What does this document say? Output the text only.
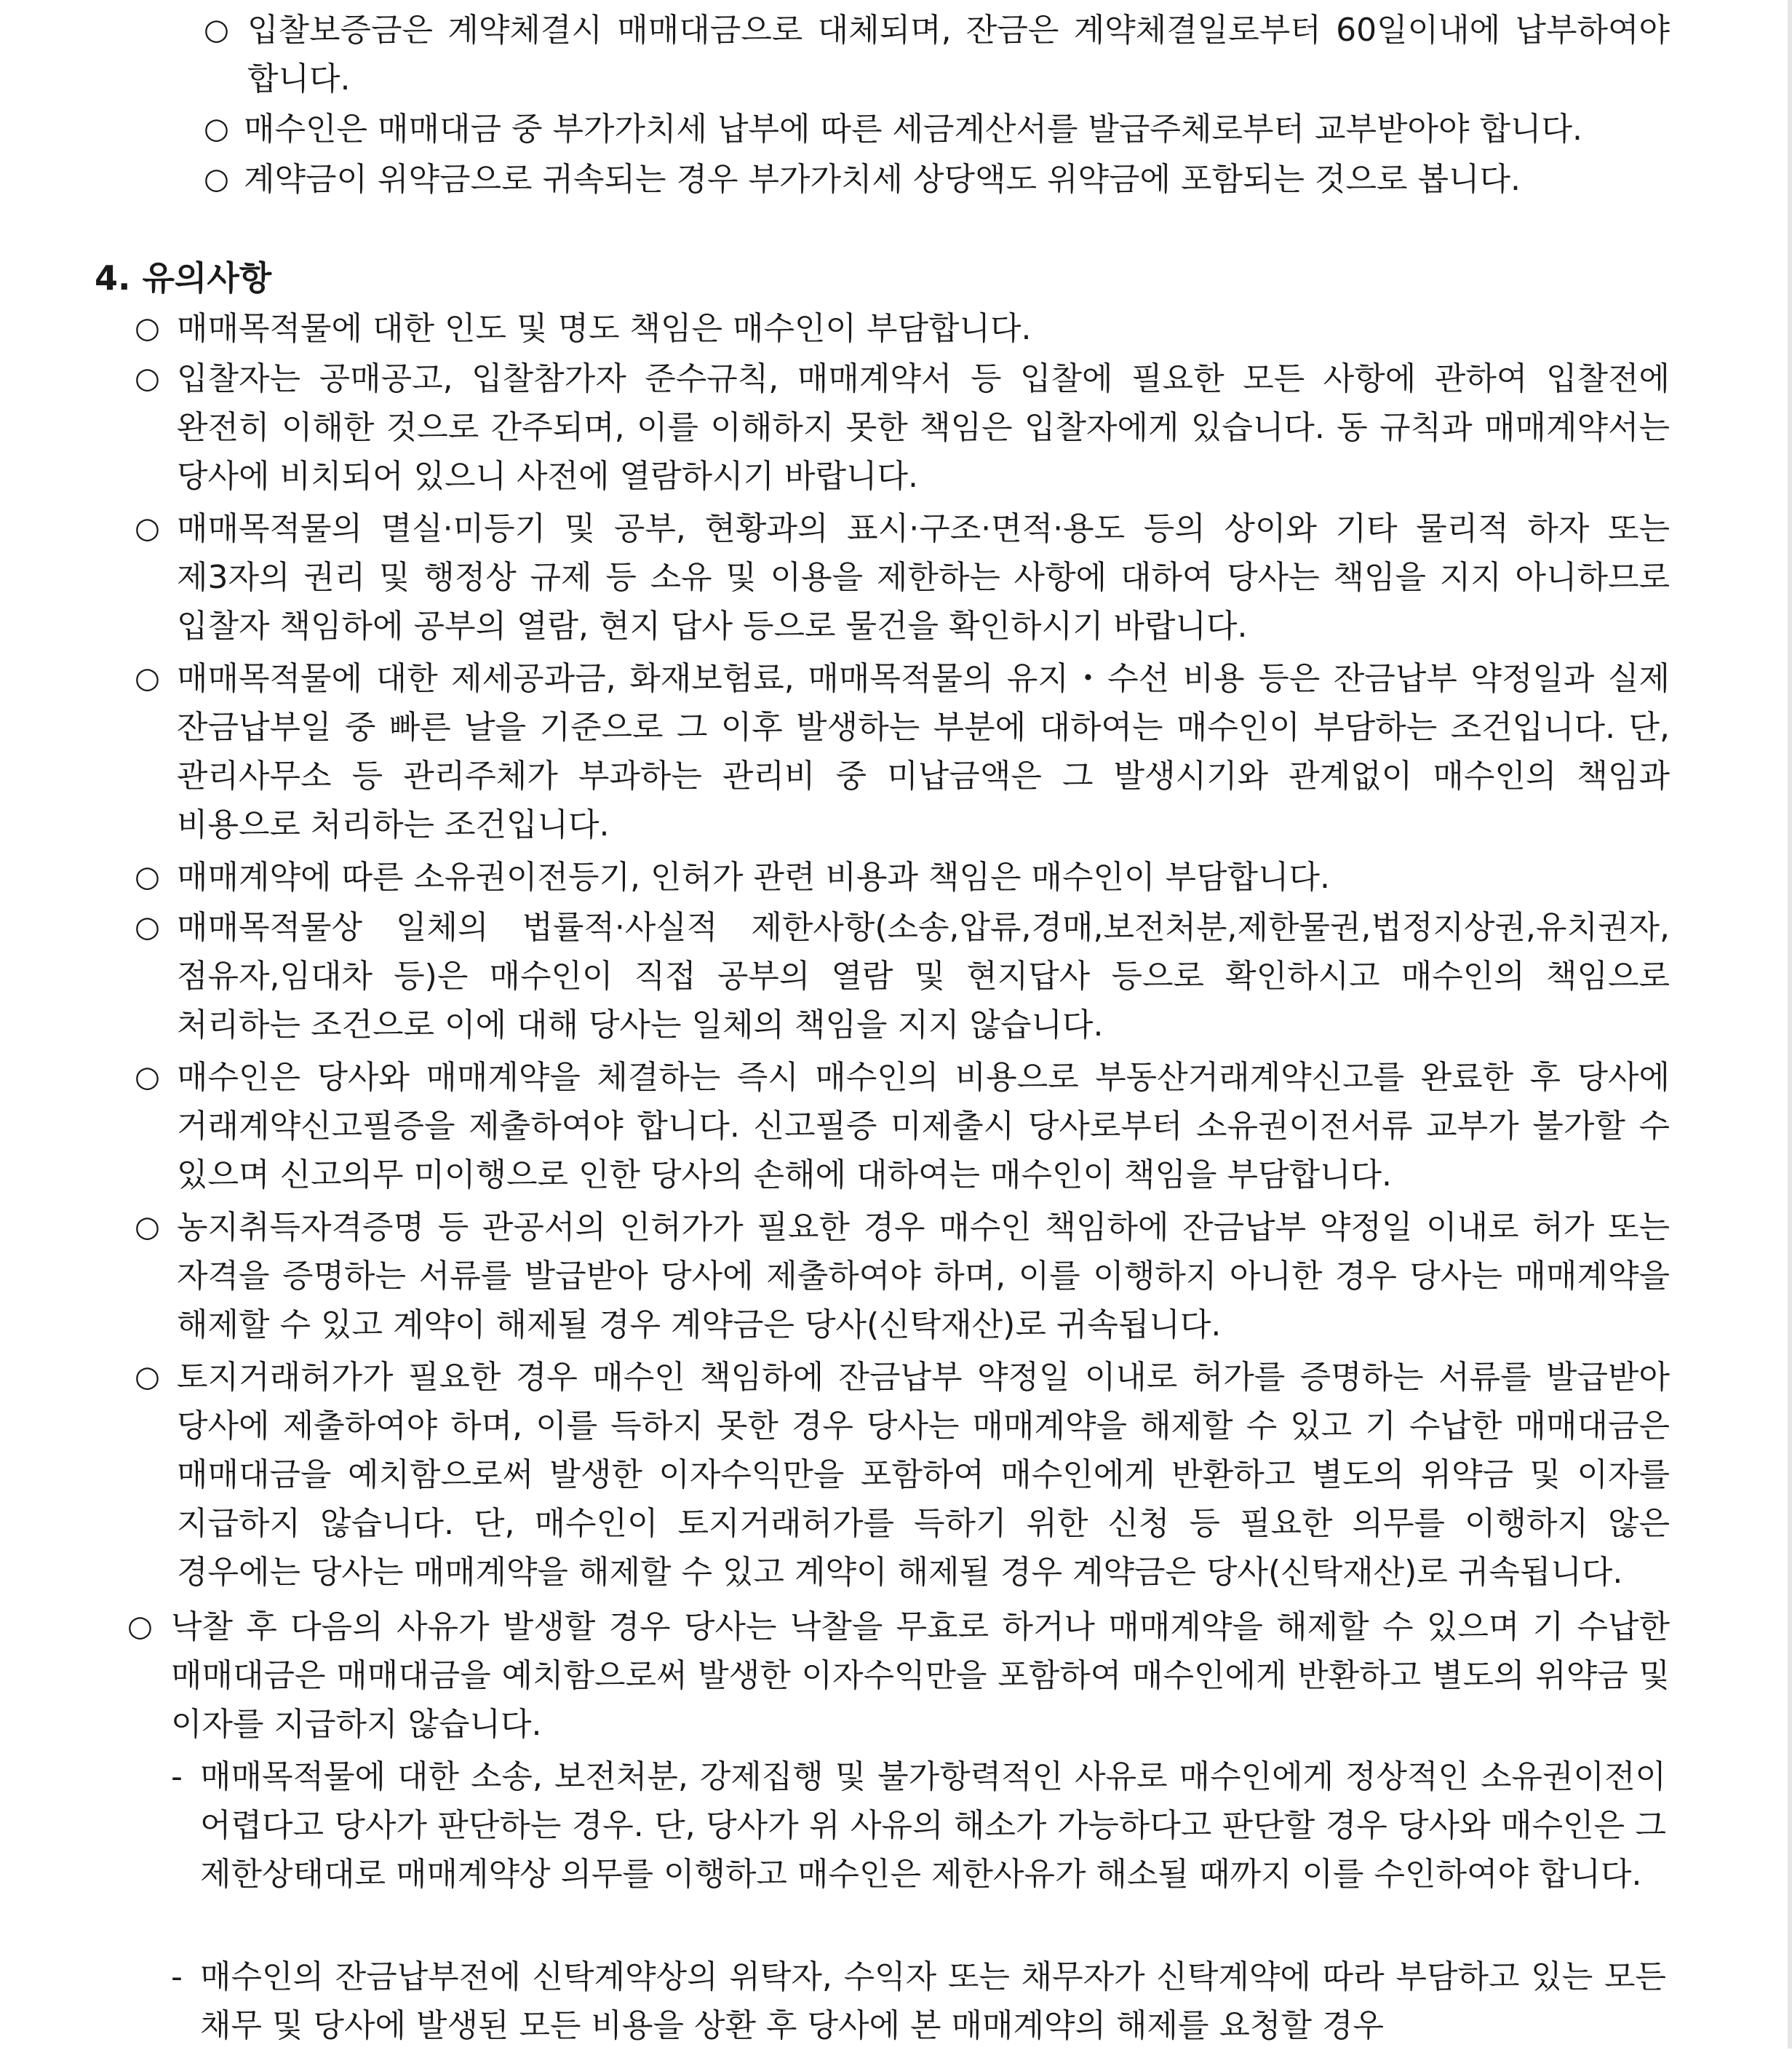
○ 입찰보증금은 계약체결시 매매대금으로 대체되며, 잔금은 계약체결일로부터 60일이내에 납부하여야 합니다.

○ 매수인은 매매대금 중 부가가치세 납부에 따른 세금계산서를 발급주체로부터 교부받아야 합니다.

○ 계약금이 위약금으로 귀속되는 경우 부가가치세 상당액도 위약금에 포함되는 것으로 봅니다.

4. 유의사항
○ 매매목적물에 대한 인도 및 명도 책임은 매수인이 부담합니다.

○ 입찰자는 공매공고, 입찰참가자 준수규칙, 매매계약서 등 입찰에 필요한 모든 사항에 관하여 입찰전에 완전히 이해한 것으로 간주되며, 이를 이해하지 못한 책임은 입찰자에게 있습니다. 동 규칙과 매매계약서는 당사에 비치되어 있으니 사전에 열람하시기 바랍니다.

○ 매매목적물의 멸실·미등기 및 공부, 현황과의 표시·구조·면적·용도 등의 상이와 기타 물리적 하자 또는 제3자의 권리 및 행정상 규제 등 소유 및 이용을 제한하는 사항에 대하여 당사는 책임을 지지 아니하므로 입찰자 책임하에 공부의 열람, 현지 답사 등으로 물건을 확인하시기 바랍니다.

○ 매매목적물에 대한 제세공과금, 화재보험료, 매매목적물의 유지・수선 비용 등은 잔금납부 약정일과 실제 잔금납부일 중 빠른 날을 기준으로 그 이후 발생하는 부분에 대하여는 매수인이 부담하는 조건입니다. 단, 관리사무소 등 관리주체가 부과하는 관리비 중 미납금액은 그 발생시기와 관계없이 매수인의 책임과 비용으로 처리하는 조건입니다.

○ 매매계약에 따른 소유권이전등기, 인허가 관련 비용과 책임은 매수인이 부담합니다.

○ 매매목적물상 일체의 법률적·사실적 제한사항(소송,압류,경매,보전처분,제한물권,법정지상권,유치권자,점유자,임대차 등)은 매수인이 직접 공부의 열람 및 현지답사 등으로 확인하시고 매수인의 책임으로 처리하는 조건으로 이에 대해 당사는 일체의 책임을 지지 않습니다.

○ 매수인은 당사와 매매계약을 체결하는 즉시 매수인의 비용으로 부동산거래계약신고를 완료한 후 당사에 거래계약신고필증을 제출하여야 합니다. 신고필증 미제출시 당사로부터 소유권이전서류 교부가 불가할 수 있으며 신고의무 미이행으로 인한 당사의 손해에 대하여는 매수인이 책임을 부담합니다.

○ 농지취득자격증명 등 관공서의 인허가가 필요한 경우 매수인 책임하에 잔금납부 약정일 이내로 허가 또는 자격을 증명하는 서류를 발급받아 당사에 제출하여야 하며, 이를 이행하지 아니한 경우 당사는 매매계약을 해제할 수 있고 계약이 해제될 경우 계약금은 당사(신탁재산)로 귀속됩니다.

○ 토지거래허가가 필요한 경우 매수인 책임하에 잔금납부 약정일 이내로 허가를 증명하는 서류를 발급받아 당사에 제출하여야 하며, 이를 득하지 못한 경우 당사는 매매계약을 해제할 수 있고 기 수납한 매매대금은 매매대금을 예치함으로써 발생한 이자수익만을 포함하여 매수인에게 반환하고 별도의 위약금 및 이자를 지급하지 않습니다. 단, 매수인이 토지거래허가를 득하기 위한 신청 등 필요한 의무를 이행하지 않은 경우에는 당사는 매매계약을 해제할 수 있고 계약이 해제될 경우 계약금은 당사(신탁재산)로 귀속됩니다.

○ 낙찰 후 다음의 사유가 발생할 경우 당사는 낙찰을 무효로 하거나 매매계약을 해제할 수 있으며 기 수납한 매매대금은 매매대금을 예치함으로써 발생한 이자수익만을 포함하여 매수인에게 반환하고 별도의 위약금 및 이자를 지급하지 않습니다.

- 매매목적물에 대한 소송, 보전처분, 강제집행 및 불가항력적인 사유로 매수인에게 정상적인 소유권이전이 어렵다고 당사가 판단하는 경우. 단, 당사가 위 사유의 해소가 가능하다고 판단할 경우 당사와 매수인은 그 제한상태대로 매매계약상 의무를 이행하고 매수인은 제한사유가 해소될 때까지 이를 수인하여야 합니다.

- 매수인의 잔금납부전에 신탁계약상의 위탁자, 수익자 또는 채무자가 신탁계약에 따라 부담하고 있는 모든 채무 및 당사에 발생된 모든 비용을 상환 후 당사에 본 매매계약의 해제를 요청할 경우
